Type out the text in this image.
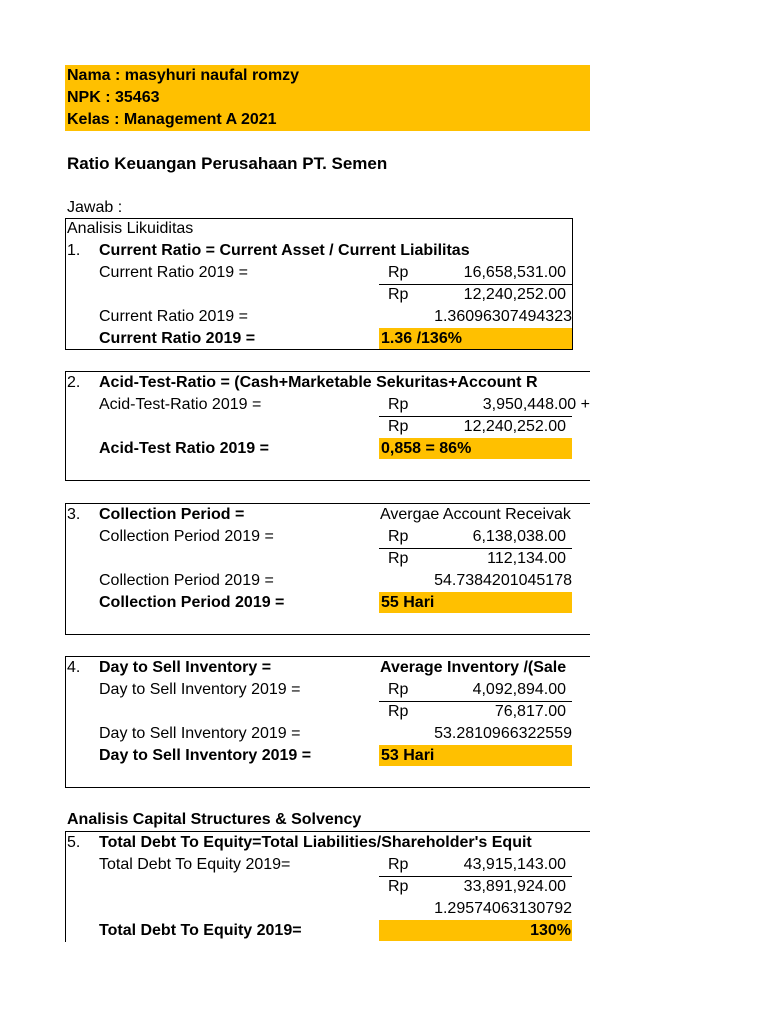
Nama : masyhuri naufal romzy
NPK : 35463
Kelas : Management A 2021
Ratio Keuangan Perusahaan PT. Semen
Jawab :
Analisis Likuiditas
1. Current Ratio = Current Asset / Current Liabilitas
Current Ratio 2019 =	Rp	16,658,531.00
Rp	12,240,252.00
Current Ratio 2019 =	1.36096307494323
Current Ratio 2019 =	1.36 /136%
2. Acid-Test-Ratio = (Cash+Marketable Sekuritas+Account R
Acid-Test-Ratio 2019 =	Rp	3,950,448.00 +
Rp	12,240,252.00
Acid-Test Ratio 2019 =	0,858 = 86%
3. Collection Period =	Avergae Account Receivak
Collection Period 2019 =	Rp	6,138,038.00
Rp	112,134.00
Collection Period 2019 =	54.7384201045178
Collection Period 2019 =	55 Hari
4. Day to Sell Inventory =	Average Inventory /(Sale
Day to Sell Inventory 2019 =	Rp	4,092,894.00
Rp	76,817.00
Day to Sell Inventory 2019 =	53.2810966322559
Day to Sell Inventory 2019 =	53 Hari
Analisis Capital Structures & Solvency
5. Total Debt To Equity=Total Liabilities/Shareholder's Equit
Total Debt To Equity 2019=	Rp	43,915,143.00
Rp	33,891,924.00
1.29574063130792
Total Debt To Equity 2019=	130%
